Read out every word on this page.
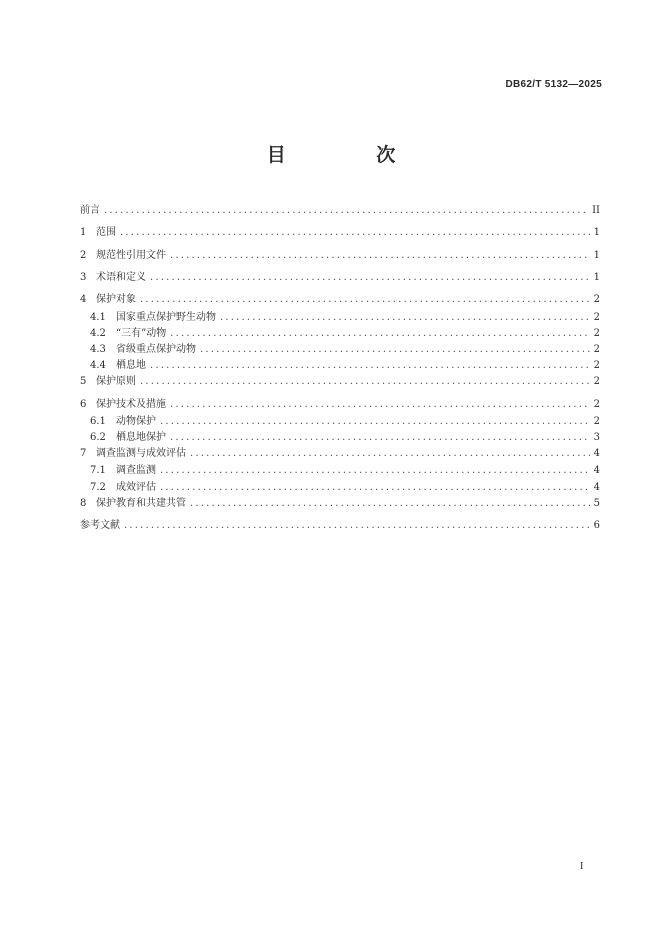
DB62/T 5132—2025
目 次
前言 .....	II
1 范围 .....	1
2 规范性引用文件 .....	1
3 术语和定义 .....	1
4 保护对象 .....	2
4.1	国家重点保护野生动物 .....	2
4.2	“三有”动物 .....	2
4.3	省级重点保护动物 .....	2
4.4	栖息地 .....	2
5 保护原则 .....	2
6 保护技术及措施 .....	2
6.1	动物保护 .....	2
6.2	栖息地保护 .....	3
7 调查监测与成效评估 .....	4
7.1	调查监测 .....	4
7.2	成效评估 .....	4
8 保护教育和共建共管 .....	5
参考文献 .....	6
I
